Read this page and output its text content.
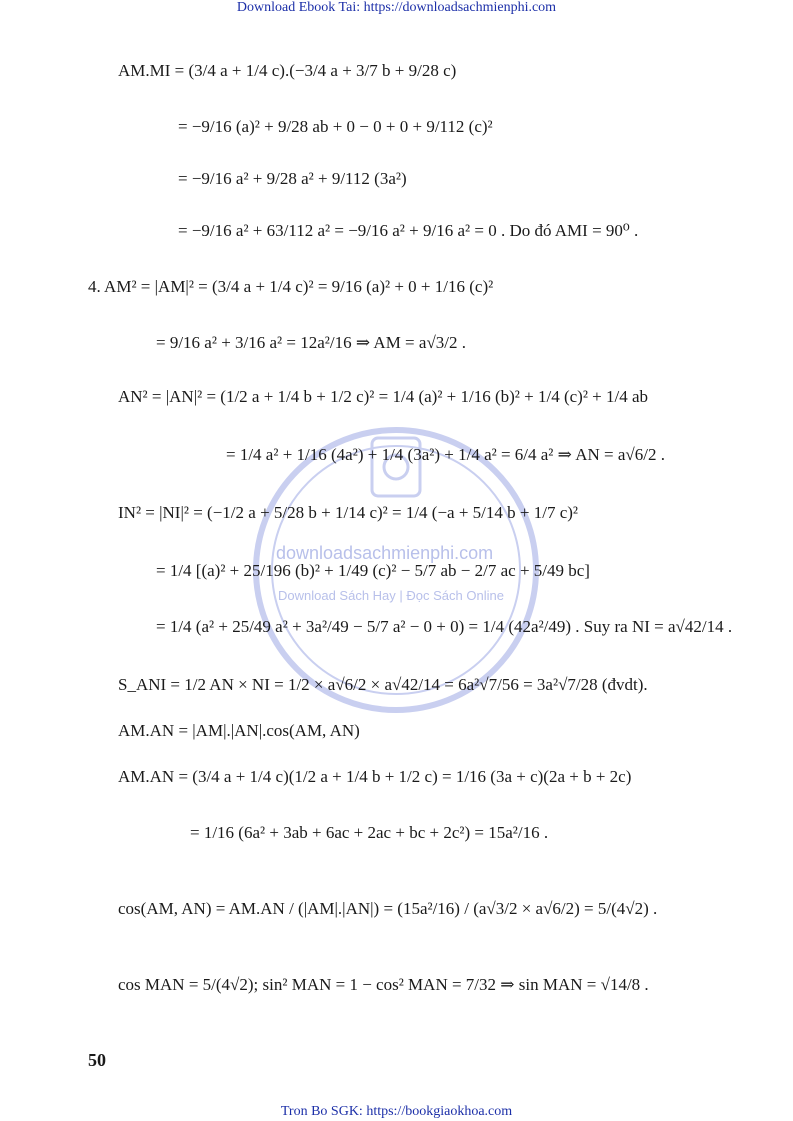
Download Ebook Tai: https://downloadsachmienphi.com
downloadsachmienphi.com
Download Sách Hay | Đọc Sách Online
AM.MI = (3/4 a + 1/4 c).(−3/4 a + 3/7 b + 9/28 c)
= −9/16 (a)² + 9/28 ab + 0 − 0 + 0 + 9/112 (c)²
= −9/16 a² + 9/28 a² + 9/112 (3a²)
= −9/16 a² + 63/112 a² = −9/16 a² + 9/16 a² = 0 . Do đó AMI = 90⁰ .
4. AM² = |AM|² = (3/4 a + 1/4 c)² = 9/16 (a)² + 0 + 1/16 (c)²
= 9/16 a² + 3/16 a² = 12a²/16 ⇒ AM = a√3/2 .
AN² = |AN|² = (1/2 a + 1/4 b + 1/2 c)² = 1/4 (a)² + 1/16 (b)² + 1/4 (c)² + 1/4 ab
= 1/4 a² + 1/16 (4a²) + 1/4 (3a²) + 1/4 a² = 6/4 a² ⇒ AN = a√6/2 .
IN² = |NI|² = (−1/2 a + 5/28 b + 1/14 c)² = 1/4 (−a + 5/14 b + 1/7 c)²
= 1/4 [(a)² + 25/196 (b)² + 1/49 (c)² − 5/7 ab − 2/7 ac + 5/49 bc]
= 1/4 (a² + 25/49 a² + 3a²/49 − 5/7 a² − 0 + 0) = 1/4 (42a²/49) . Suy ra NI = a√42/14 .
S_ANI = 1/2 AN × NI = 1/2 × a√6/2 × a√42/14 = 6a²√7/56 = 3a²√7/28 (đvdt).
AM.AN = |AM|.|AN|.cos(AM, AN)
AM.AN = (3/4 a + 1/4 c)(1/2 a + 1/4 b + 1/2 c) = 1/16 (3a + c)(2a + b + 2c)
= 1/16 (6a² + 3ab + 6ac + 2ac + bc + 2c²) = 15a²/16 .
cos(AM, AN) = AM.AN / (|AM|.|AN|) = (15a²/16) / (a√3/2 × a√6/2) = 5/(4√2) .
cos MAN = 5/(4√2); sin² MAN = 1 − cos² MAN = 7/32 ⇒ sin MAN = √14/8 .
50
Tron Bo SGK: https://bookgiaokhoa.com
